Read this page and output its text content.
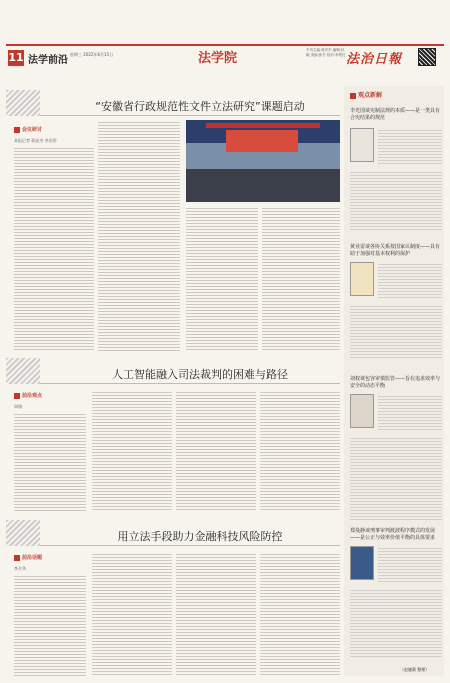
11 法学前沿
星期三 2022年6月15日	法学院
专刊主编:蒋安杰 编辑:杜晓 美编:张冬 校对:李景红 法治日報
“安徽省行政规范性文件立法研究”课题启动
会议研讨
本报记者 蒋安杰 李光明
人工智能融入司法裁判的困难与路径
前沿观点
周翔
用立法手段助力金融科技风险防控
前沿话题
李月华
观点新解
李光国谈宪制法规的本质——是一类具有合宪结果的规范
黄业雷谈各协关系按国家认制度——具有助于加强对基本权利的保护
刘权谈包容审慎监管——旨在追求效率与安全的动态平衡
郑曼静谈刑事审判渡波程序模式的发展——是公正与效率价值平衡的具体要求
（赵婕葳 整理）
